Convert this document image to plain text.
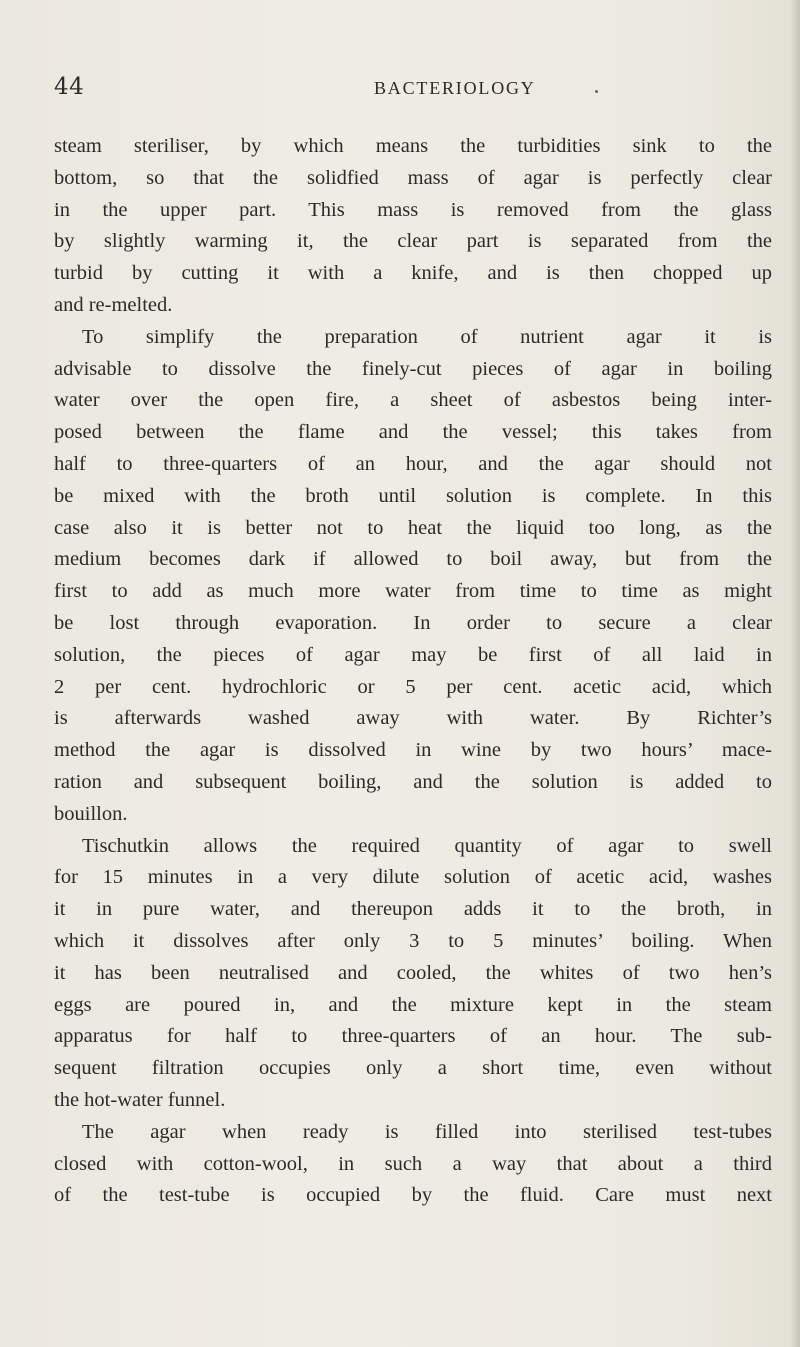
44	BACTERIOLOGY
steam steriliser, by which means the turbidities sink to the
bottom, so that the solidfied mass of agar is perfectly clear
in the upper part. This mass is removed from the glass
by slightly warming it, the clear part is separated from the
turbid by cutting it with a knife, and is then chopped up
and re-melted.
To simplify the preparation of nutrient agar it is
advisable to dissolve the finely-cut pieces of agar in boiling
water over the open fire, a sheet of asbestos being inter-
posed between the flame and the vessel; this takes from
half to three-quarters of an hour, and the agar should not
be mixed with the broth until solution is complete. In this
case also it is better not to heat the liquid too long, as the
medium becomes dark if allowed to boil away, but from the
first to add as much more water from time to time as might
be lost through evaporation. In order to secure a clear
solution, the pieces of agar may be first of all laid in
2 per cent. hydrochloric or 5 per cent. acetic acid, which
is afterwards washed away with water. By Richter’s
method the agar is dissolved in wine by two hours’ mace-
ration and subsequent boiling, and the solution is added to
bouillon.
Tischutkin allows the required quantity of agar to swell
for 15 minutes in a very dilute solution of acetic acid, washes
it in pure water, and thereupon adds it to the broth, in
which it dissolves after only 3 to 5 minutes’ boiling. When
it has been neutralised and cooled, the whites of two hen’s
eggs are poured in, and the mixture kept in the steam
apparatus for half to three-quarters of an hour. The sub-
sequent filtration occupies only a short time, even without
the hot-water funnel.
The agar when ready is filled into sterilised test-tubes
closed with cotton-wool, in such a way that about a third
of the test-tube is occupied by the fluid. Care must next
